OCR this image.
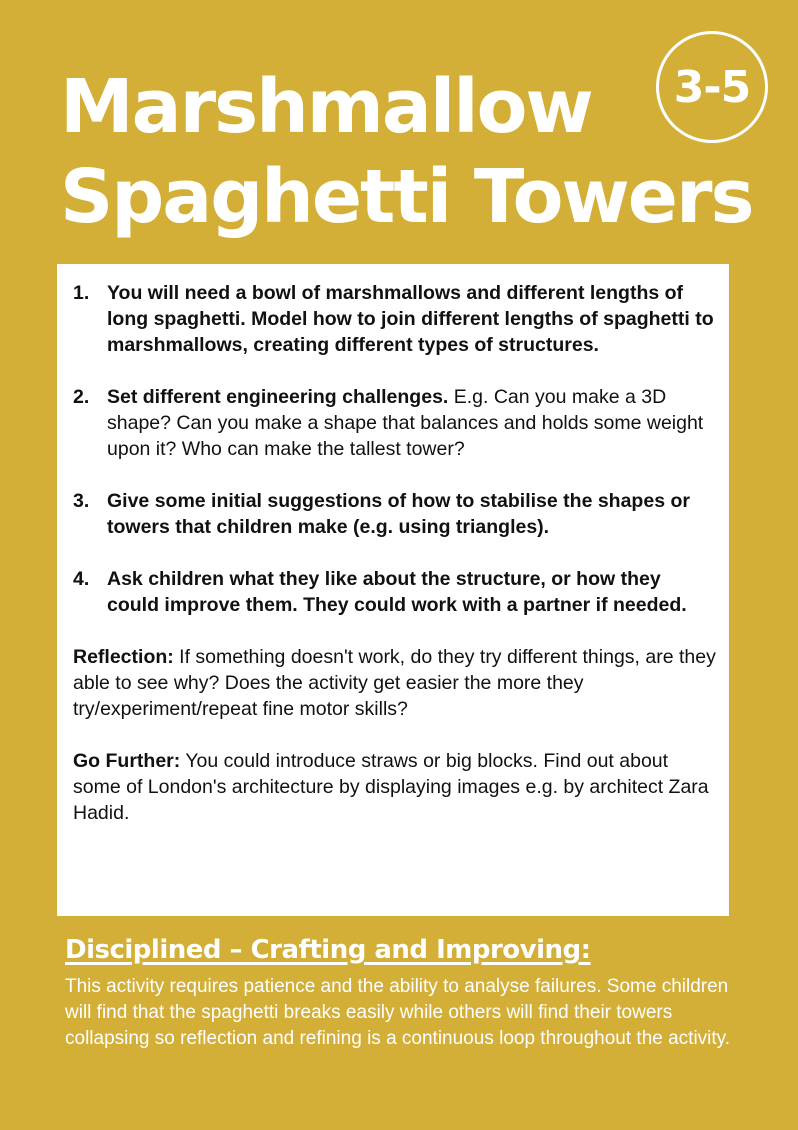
Marshmallow
Spaghetti Towers
3-5
1. You will need a bowl of marshmallows and different lengths of long spaghetti. Model how to join different lengths of spaghetti to marshmallows, creating different types of structures.
2. Set different engineering challenges. E.g. Can you make a 3D shape? Can you make a shape that balances and holds some weight upon it? Who can make the tallest tower?
3. Give some initial suggestions of how to stabilise the shapes or towers that children make (e.g. using triangles).
4. Ask children what they like about the structure, or how they could improve them. They could work with a partner if needed.

Reflection: If something doesn't work, do they try different things, are they able to see why? Does the activity get easier the more they try/experiment/repeat fine motor skills?

Go Further: You could introduce straws or big blocks. Find out about some of London's architecture by displaying images e.g. by architect Zara Hadid.

Disciplined – Crafting and Improving:

This activity requires patience and the ability to analyse failures. Some children will find that the spaghetti breaks easily while others will find their towers collapsing so reflection and refining is a continuous loop throughout the activity.
